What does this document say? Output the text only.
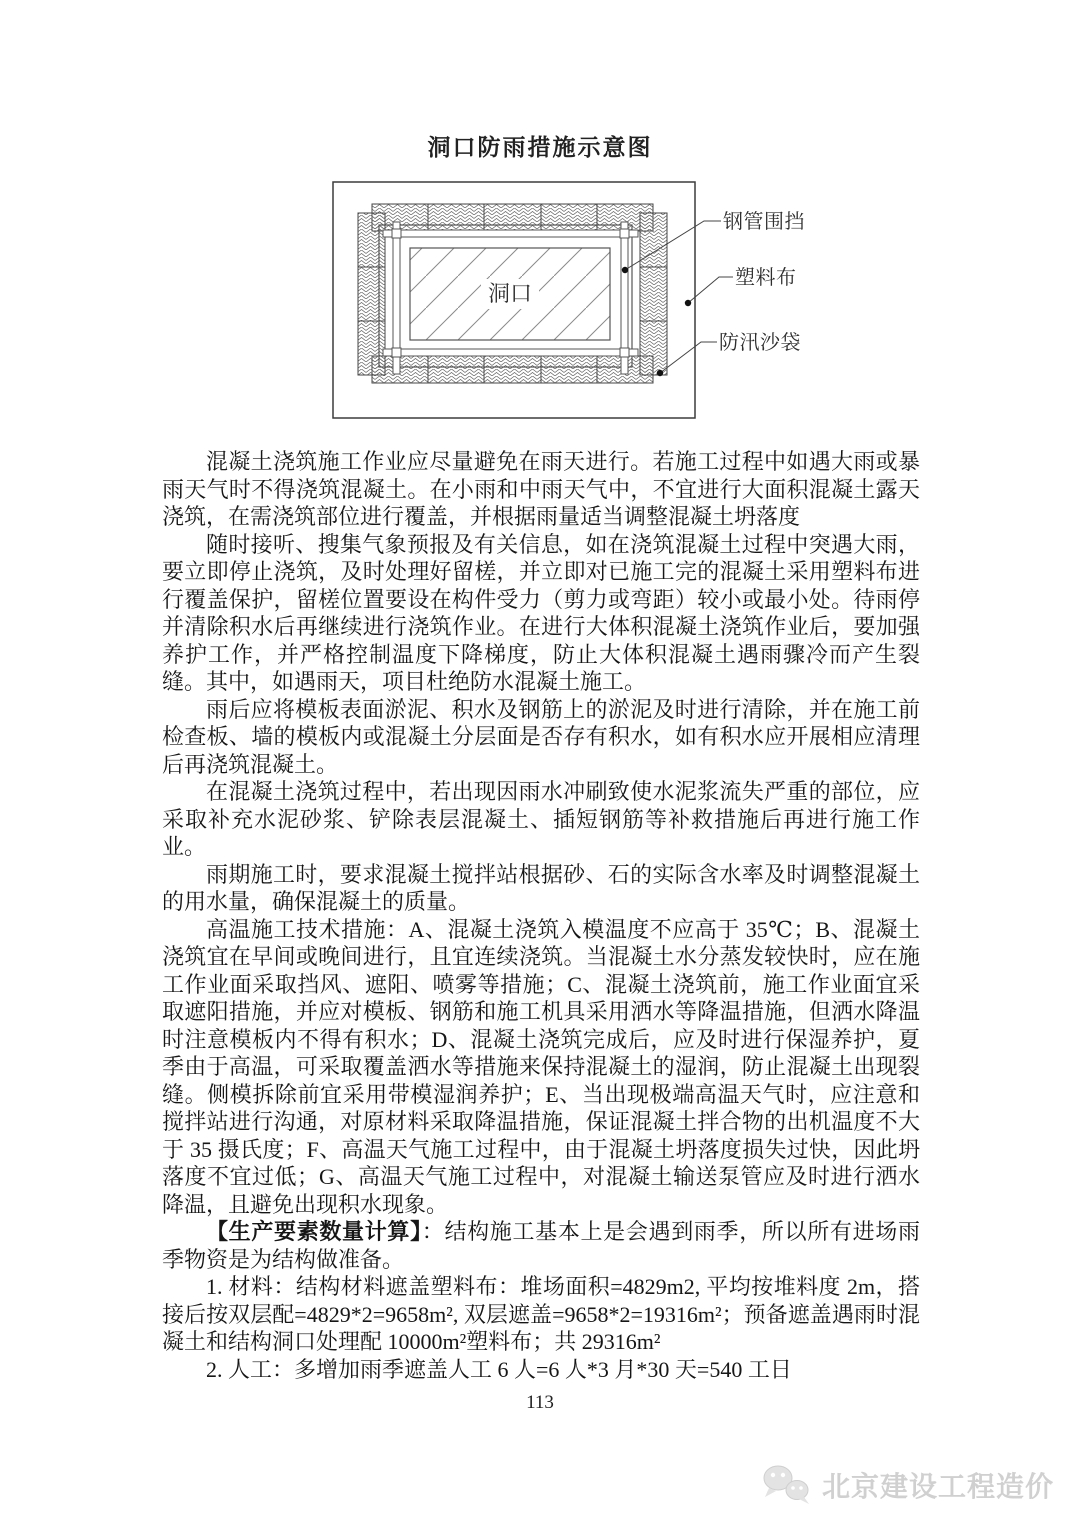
洞口防雨措施示意图
洞口
钢管围挡
塑料布
防汛沙袋

混凝土浇筑施工作业应尽量避免在雨天进行。若施工过程中如遇大雨或暴雨天气时不得浇筑混凝土。在小雨和中雨天气中，不宜进行大面积混凝土露天浇筑，在需浇筑部位进行覆盖，并根据雨量适当调整混凝土坍落度

随时接听、搜集气象预报及有关信息，如在浇筑混凝土过程中突遇大雨，要立即停止浇筑，及时处理好留槎，并立即对已施工完的混凝土采用塑料布进行覆盖保护，留槎位置要设在构件受力（剪力或弯距）较小或最小处。待雨停并清除积水后再继续进行浇筑作业。在进行大体积混凝土浇筑作业后，要加强养护工作，并严格控制温度下降梯度，防止大体积混凝土遇雨骤冷而产生裂缝。其中，如遇雨天，项目杜绝防水混凝土施工。

雨后应将模板表面淤泥、积水及钢筋上的淤泥及时进行清除，并在施工前检查板、墙的模板内或混凝土分层面是否存有积水，如有积水应开展相应清理后再浇筑混凝土。

在混凝土浇筑过程中，若出现因雨水冲刷致使水泥浆流失严重的部位，应采取补充水泥砂浆、铲除表层混凝土、插短钢筋等补救措施后再进行施工作业。

雨期施工时，要求混凝土搅拌站根据砂、石的实际含水率及时调整混凝土的用水量，确保混凝土的质量。

高温施工技术措施：A、混凝土浇筑入模温度不应高于 35℃；B、混凝土浇筑宜在早间或晚间进行，且宜连续浇筑。当混凝土水分蒸发较快时，应在施工作业面采取挡风、遮阳、喷雾等措施；C、混凝土浇筑前，施工作业面宜采取遮阳措施，并应对模板、钢筋和施工机具采用洒水等降温措施，但洒水降温时注意模板内不得有积水；D、混凝土浇筑完成后，应及时进行保湿养护，夏季由于高温，可采取覆盖洒水等措施来保持混凝土的湿润，防止混凝土出现裂缝。侧模拆除前宜采用带模湿润养护；E、当出现极端高温天气时，应注意和搅拌站进行沟通，对原材料采取降温措施，保证混凝土拌合物的出机温度不大于 35 摄氏度；F、高温天气施工过程中，由于混凝土坍落度损失过快，因此坍落度不宜过低；G、高温天气施工过程中，对混凝土输送泵管应及时进行洒水降温，且避免出现积水现象。

【生产要素数量计算】：结构施工基本上是会遇到雨季，所以所有进场雨季物资是为结构做准备。

1. 材料：结构材料遮盖塑料布：堆场面积=4829m2, 平均按堆料度 2m，搭接后按双层配=4829*2=9658m², 双层遮盖=9658*2=19316m²；预备遮盖遇雨时混凝土和结构洞口处理配 10000m²塑料布；共 29316m²

2. 人工：多增加雨季遮盖人工 6 人=6 人*3 月*30 天=540 工日

113
北京建设工程造价
